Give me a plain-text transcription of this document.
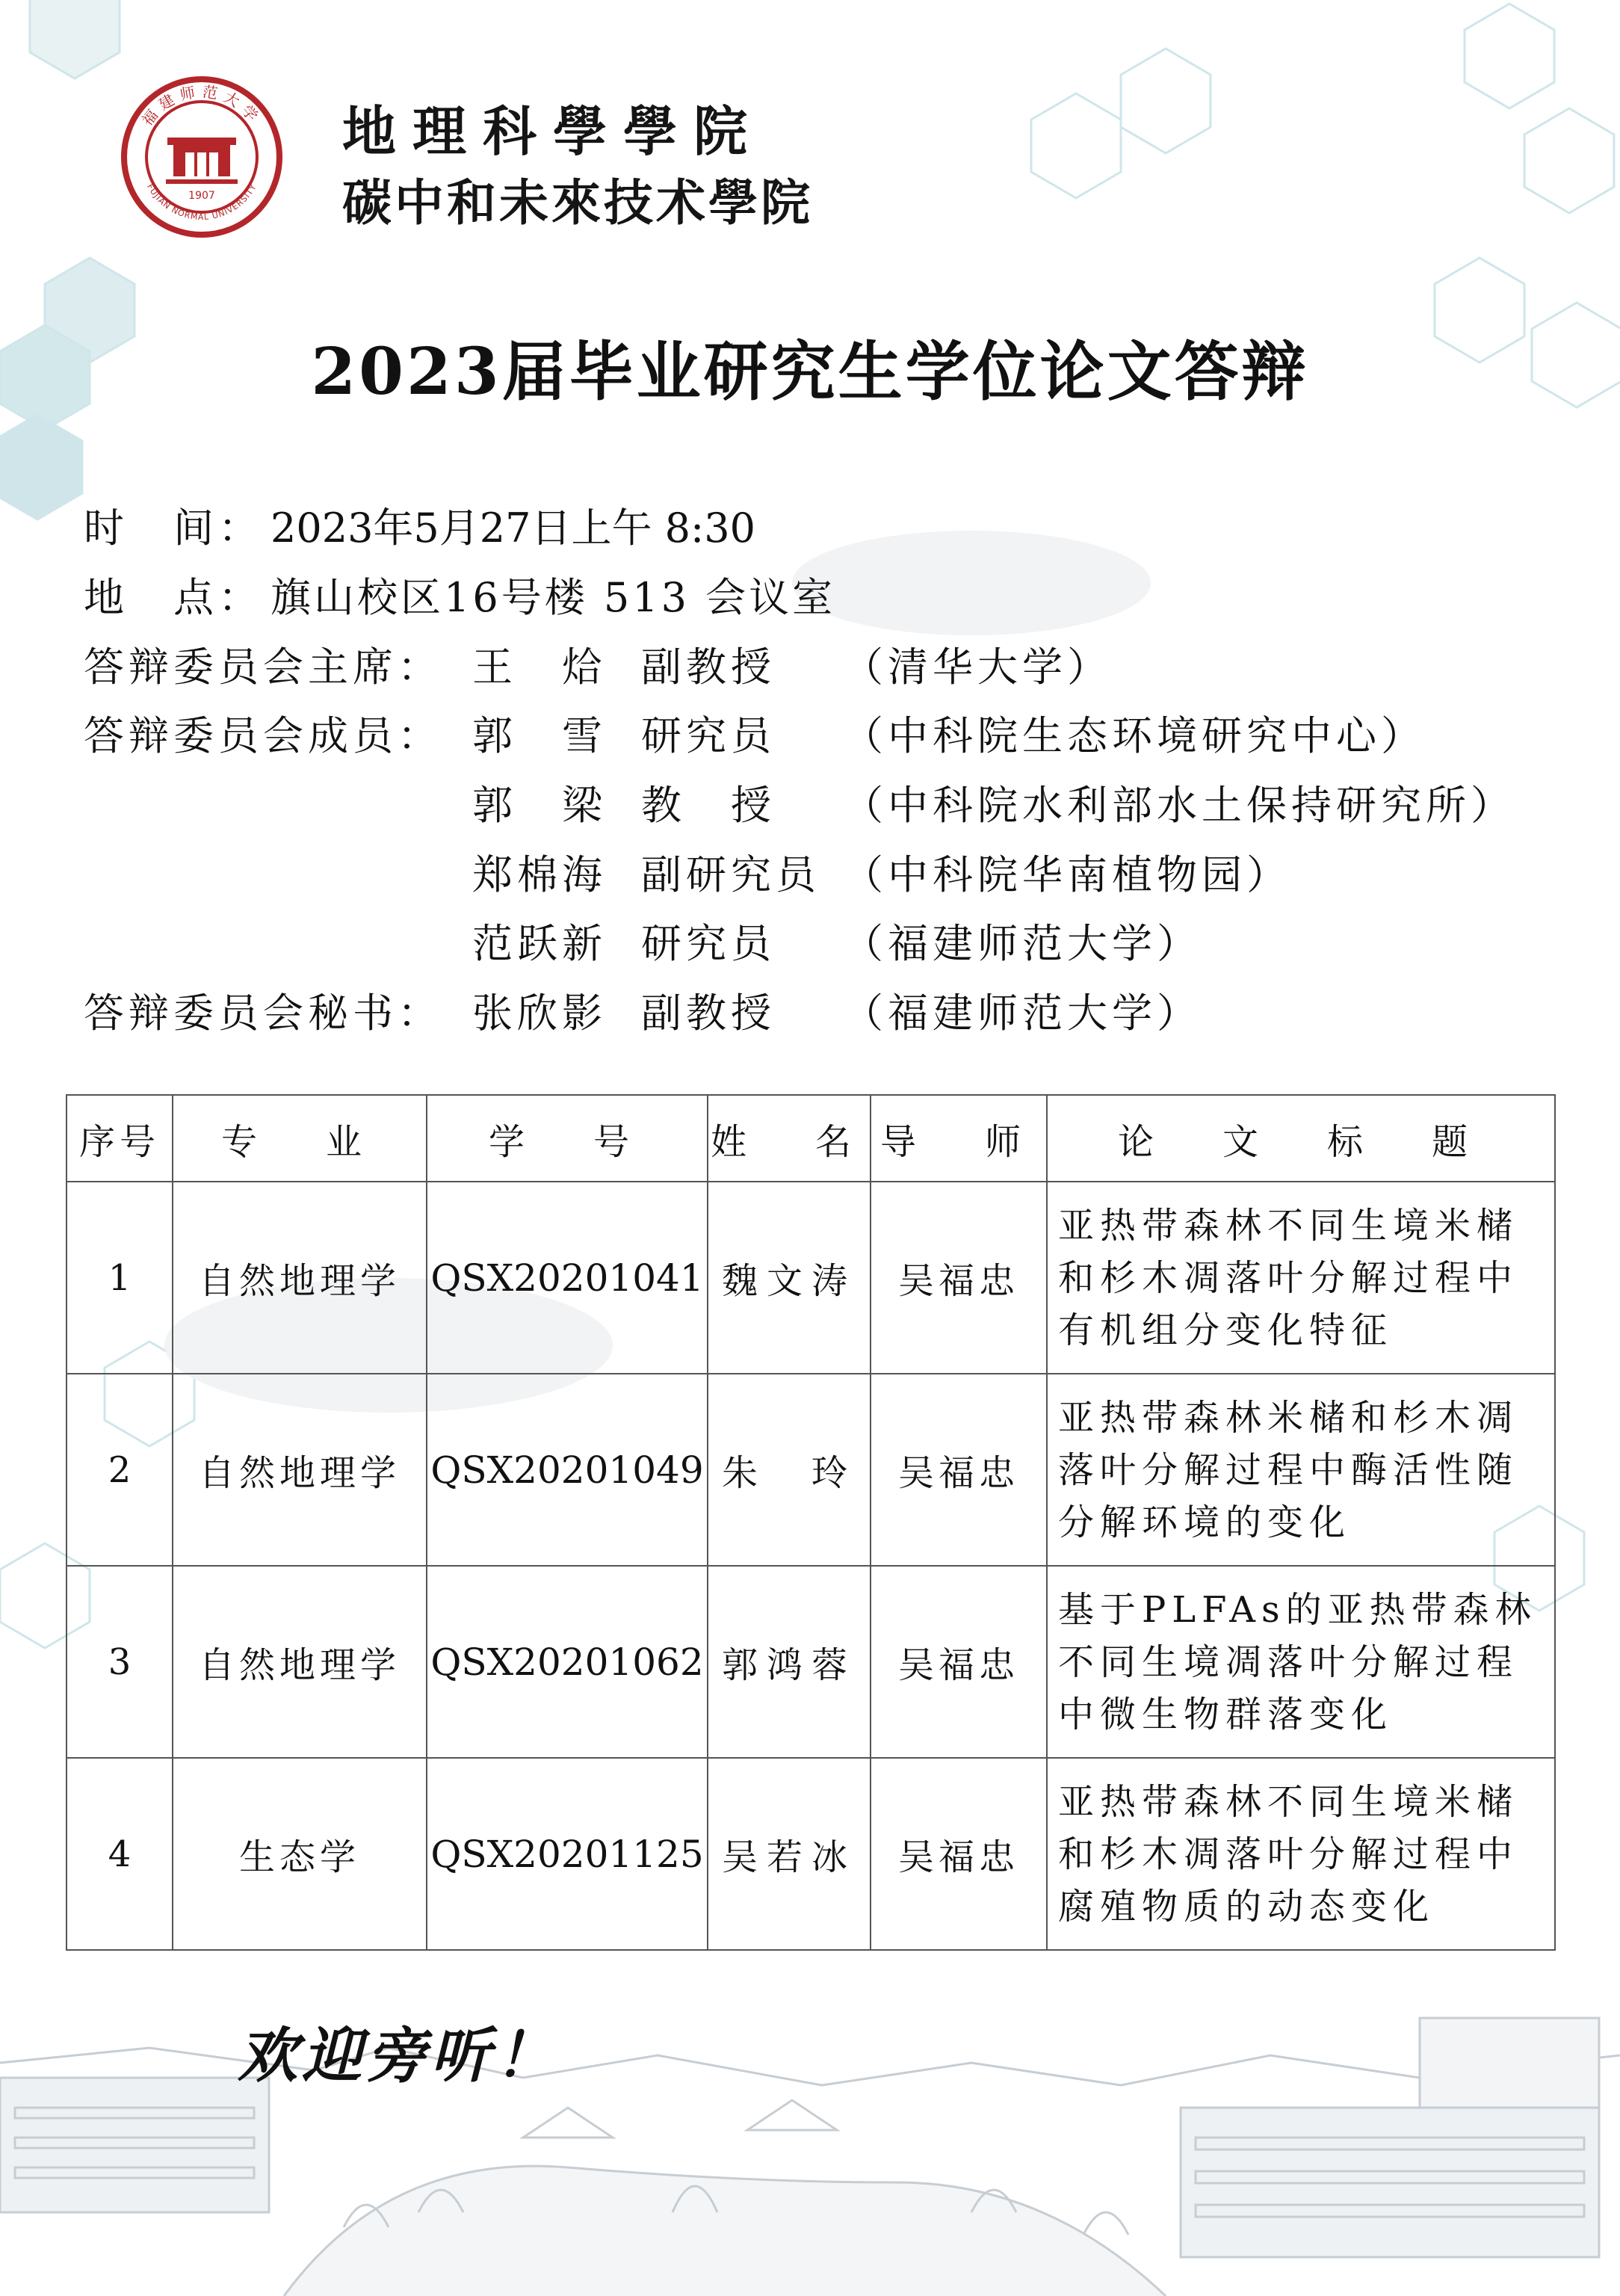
1907
福建师范大学
FUJIAN NORMAL UNIVERSITY
地理科學學院
碳中和未來技术學院
2023届毕业研究生学位论文答辩
时　间： 2023年5月27日上午 8:30
地　点： 旗山校区16号楼 513 会议室
答辩委员会主席： 王　烚 副教授 （清华大学）
答辩委员会成员： 郭　雪 研究员 （中科院生态环境研究中心）
郭　梁 教　授 （中科院水利部水土保持研究所）
郑棉海 副研究员 （中科院华南植物园）
范跃新 研究员 （福建师范大学）
答辩委员会秘书： 张欣影 副教授 （福建师范大学）
序号	专　业	学　号	姓　名	导　师	论　文　标　题
1	自然地理学	QSX20201041	魏文涛	吴福忠	亚热带森林不同生境米槠和杉木凋落叶分解过程中有机组分变化特征
2	自然地理学	QSX20201049	朱　玲	吴福忠	亚热带森林米槠和杉木凋落叶分解过程中酶活性随分解环境的变化
3	自然地理学	QSX20201062	郭鸿蓉	吴福忠	基于PLFAs的亚热带森林不同生境凋落叶分解过程中微生物群落变化
4	生态学	QSX20201125	吴若冰	吴福忠	亚热带森林不同生境米槠和杉木凋落叶分解过程中腐殖物质的动态变化
欢迎旁听！
